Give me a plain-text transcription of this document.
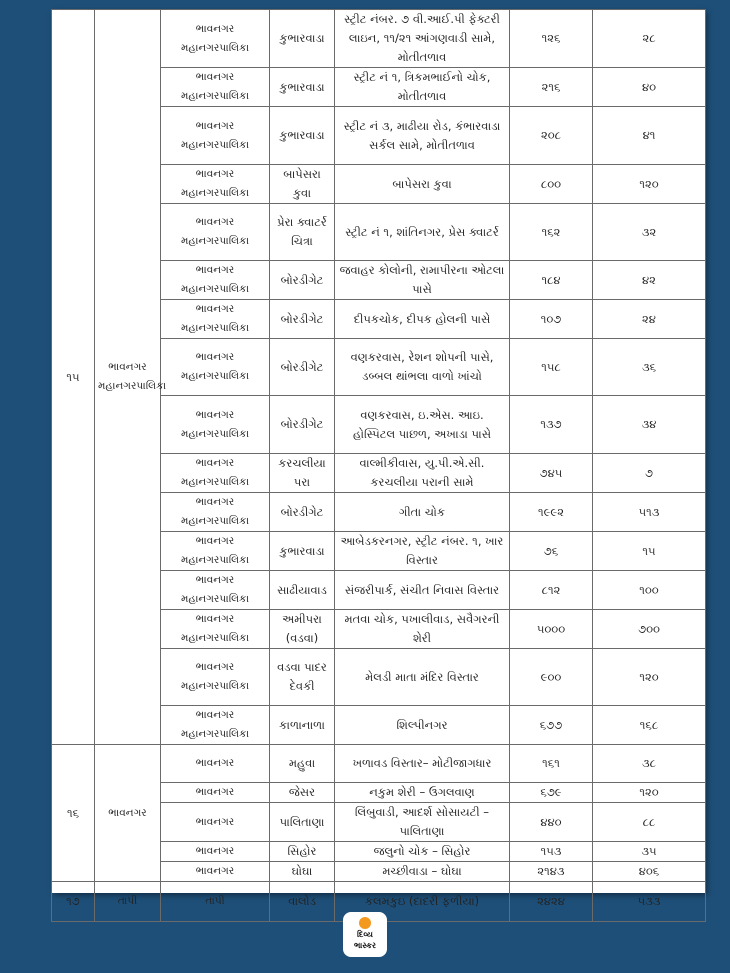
૧૫	ભાવનગર મહાનગરપાલિકા	ભાવનગર મહાનગરપાલિકા	કુભારવાડા	સ્ટ્રીટ નંબર. ૭ વી.આઈ.પી ફેક્ટરી લાઇન, ૧૧/૨૧ આંગણવાડી સામે, મોતીતળાવ	૧૨૬	૨૮
		ભાવનગર મહાનગરપાલિકા	કુભારવાડા	સ્ટ્રીટ નં ૧, ત્રિકમભાઈનો ચોક, મોતીતળાવ	૨૧૬	૪૦
		ભાવનગર મહાનગરપાલિકા	કુભારવાડા	સ્ટ્રીટ નં ૩, માઢીયા રોડ, કંભારવાડા સર્કલ સામે, મોતીતળાવ	૨૦૮	૪૧
		ભાવનગર મહાનગરપાલિકા	બાપેસરા કુવા	બાપેસરા કુવા	૮૦૦	૧૨૦
		ભાવનગર મહાનગરપાલિકા	પ્રેરા ક્વાટર્ર ચિત્રા	સ્ટ્રીટ નં ૧, શાંતિનગર, પ્રેસ ક્વાટર્ર	૧૬૨	૩૨
		ભાવનગર મહાનગરપાલિકા	બોરડીગેટ	જવાહર કોલોની, રામાપીરના ઓટલા પાસે	૧૮૪	૪૨
		ભાવનગર મહાનગરપાલિકા	બોરડીગેટ	દીપકચોક, દીપક હોલની પાસે	૧૦૭	૨૪
		ભાવનગર મહાનગરપાલિકા	બોરડીગેટ	વણકરવાસ, રેશન શોપની પાસે, ડબ્બલ થાંભલા વાળો ખાંચો	૧૫૮	૩૬
		ભાવનગર મહાનગરપાલિકા	બોરડીગેટ	વણકરવાસ, ઇ.એસ. આઇ. હોસ્પિટલ પાછળ, અખાડા પાસે	૧૩૭	૩૪
		ભાવનગર મહાનગરપાલિકા	કરચલીયા પરા	વાલ્મીકીવાસ, યુ.પી.એ.સી. કરચલીયા પરાની સામે	૭૪૫	૭
		ભાવનગર મહાનગરપાલિકા	બોરડીગેટ	ગીતા ચોક	૧૯૯૨	૫૧૩
		ભાવનગર મહાનગરપાલિકા	કુભારવાડા	આબેડકરનગર, સ્ટ્રીટ નંબર. ૧, ખાર વિસ્તાર	૭૬	૧૫
		ભાવનગર મહાનગરપાલિકા	સાઢીયાવાડ	સંજરીપાર્ક, સંચીત નિવાસ વિસ્તાર	૮૧૨	૧૦૦
		ભાવનગર મહાનગરપાલિકા	અમીપરા (વડવા)	મતવા ચોક, પખાલીવાડ, સવૈગરની શેરી	૫૦૦૦	૭૦૦
		ભાવનગર મહાનગરપાલિકા	વડવા પાદર દેવકી	મેલડી માતા મંદિર વિસ્તાર	૯૦૦	૧૨૦
		ભાવનગર મહાનગરપાલિકા	કાળાનાળા	શિલ્પીનગર	૬૭૭	૧૬૮
૧૬	ભાવનગર	ભાવનગર	મહુવા	ખળાવડ વિસ્તાર– મોટીજાગધાર	૧૬૧	૩૮
		ભાવનગર	જેસર	નકુમ શેરી – ઉગલવાણ	૬૭૯	૧૨૦
		ભાવનગર	પાલિતાણા	લિંબુવાડી, આદર્શ સોસાયટી – પાલિતાણા	૪૪૦	૮૮
		ભાવનગર	સિહોર	જલુનો ચોક – સિહોર	૧૫૩	૩૫
		ભાવનગર	ઘોઘા	મચ્છીવાડા – ઘોઘા	૨૧૪૩	૪૦૬
૧૭	તાપી	તાપી	વાલોડ	કલમકુઇ (દાદરી ફળીયા)	૨૪૨૪	૫૩૩
દિવ્ય
ભાસ્કર
